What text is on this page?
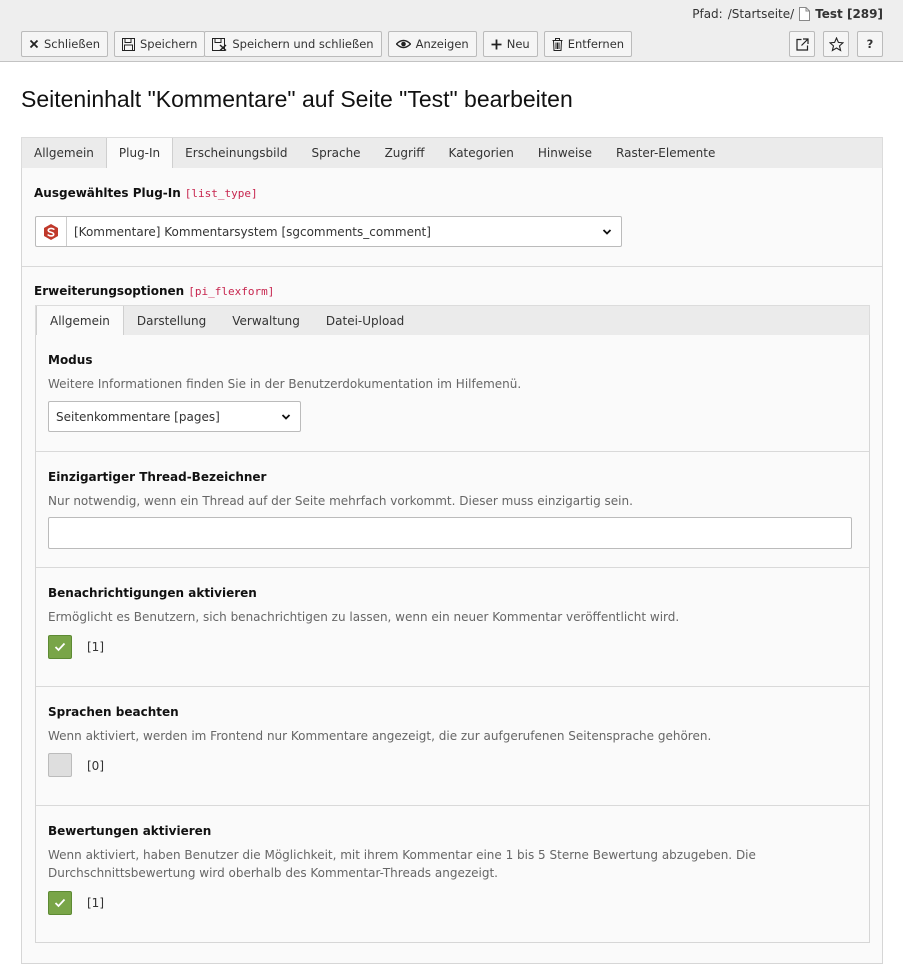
Pfad: /Startseite/ Test [289]
Schließen	Speichern	Speichern und schließen	Anzeigen	Neu	Entfernen	?
Seiteninhalt "Kommentare" auf Seite "Test" bearbeiten
Allgemein	Plug-In	Erscheinungsbild	Sprache	Zugriff	Kategorien	Hinweise	Raster-Elemente
Ausgewähltes Plug-In [list_type]
[Kommentare] Kommentarsystem [sgcomments_comment]
Erweiterungsoptionen [pi_flexform]
Allgemein	Darstellung	Verwaltung	Datei-Upload
Modus
Weitere Informationen finden Sie in der Benutzerdokumentation im Hilfemenü.
Seitenkommentare [pages]
Einzigartiger Thread-Bezeichner
Nur notwendig, wenn ein Thread auf der Seite mehrfach vorkommt. Dieser muss einzigartig sein.
Benachrichtigungen aktivieren
Ermöglicht es Benutzern, sich benachrichtigen zu lassen, wenn ein neuer Kommentar veröffentlicht wird.
[1]
Sprachen beachten
Wenn aktiviert, werden im Frontend nur Kommentare angezeigt, die zur aufgerufenen Seitensprache gehören.
[0]
Bewertungen aktivieren
Wenn aktiviert, haben Benutzer die Möglichkeit, mit ihrem Kommentar eine 1 bis 5 Sterne Bewertung abzugeben. Die Durchschnittsbewertung wird oberhalb des Kommentar-Threads angezeigt.
[1]
